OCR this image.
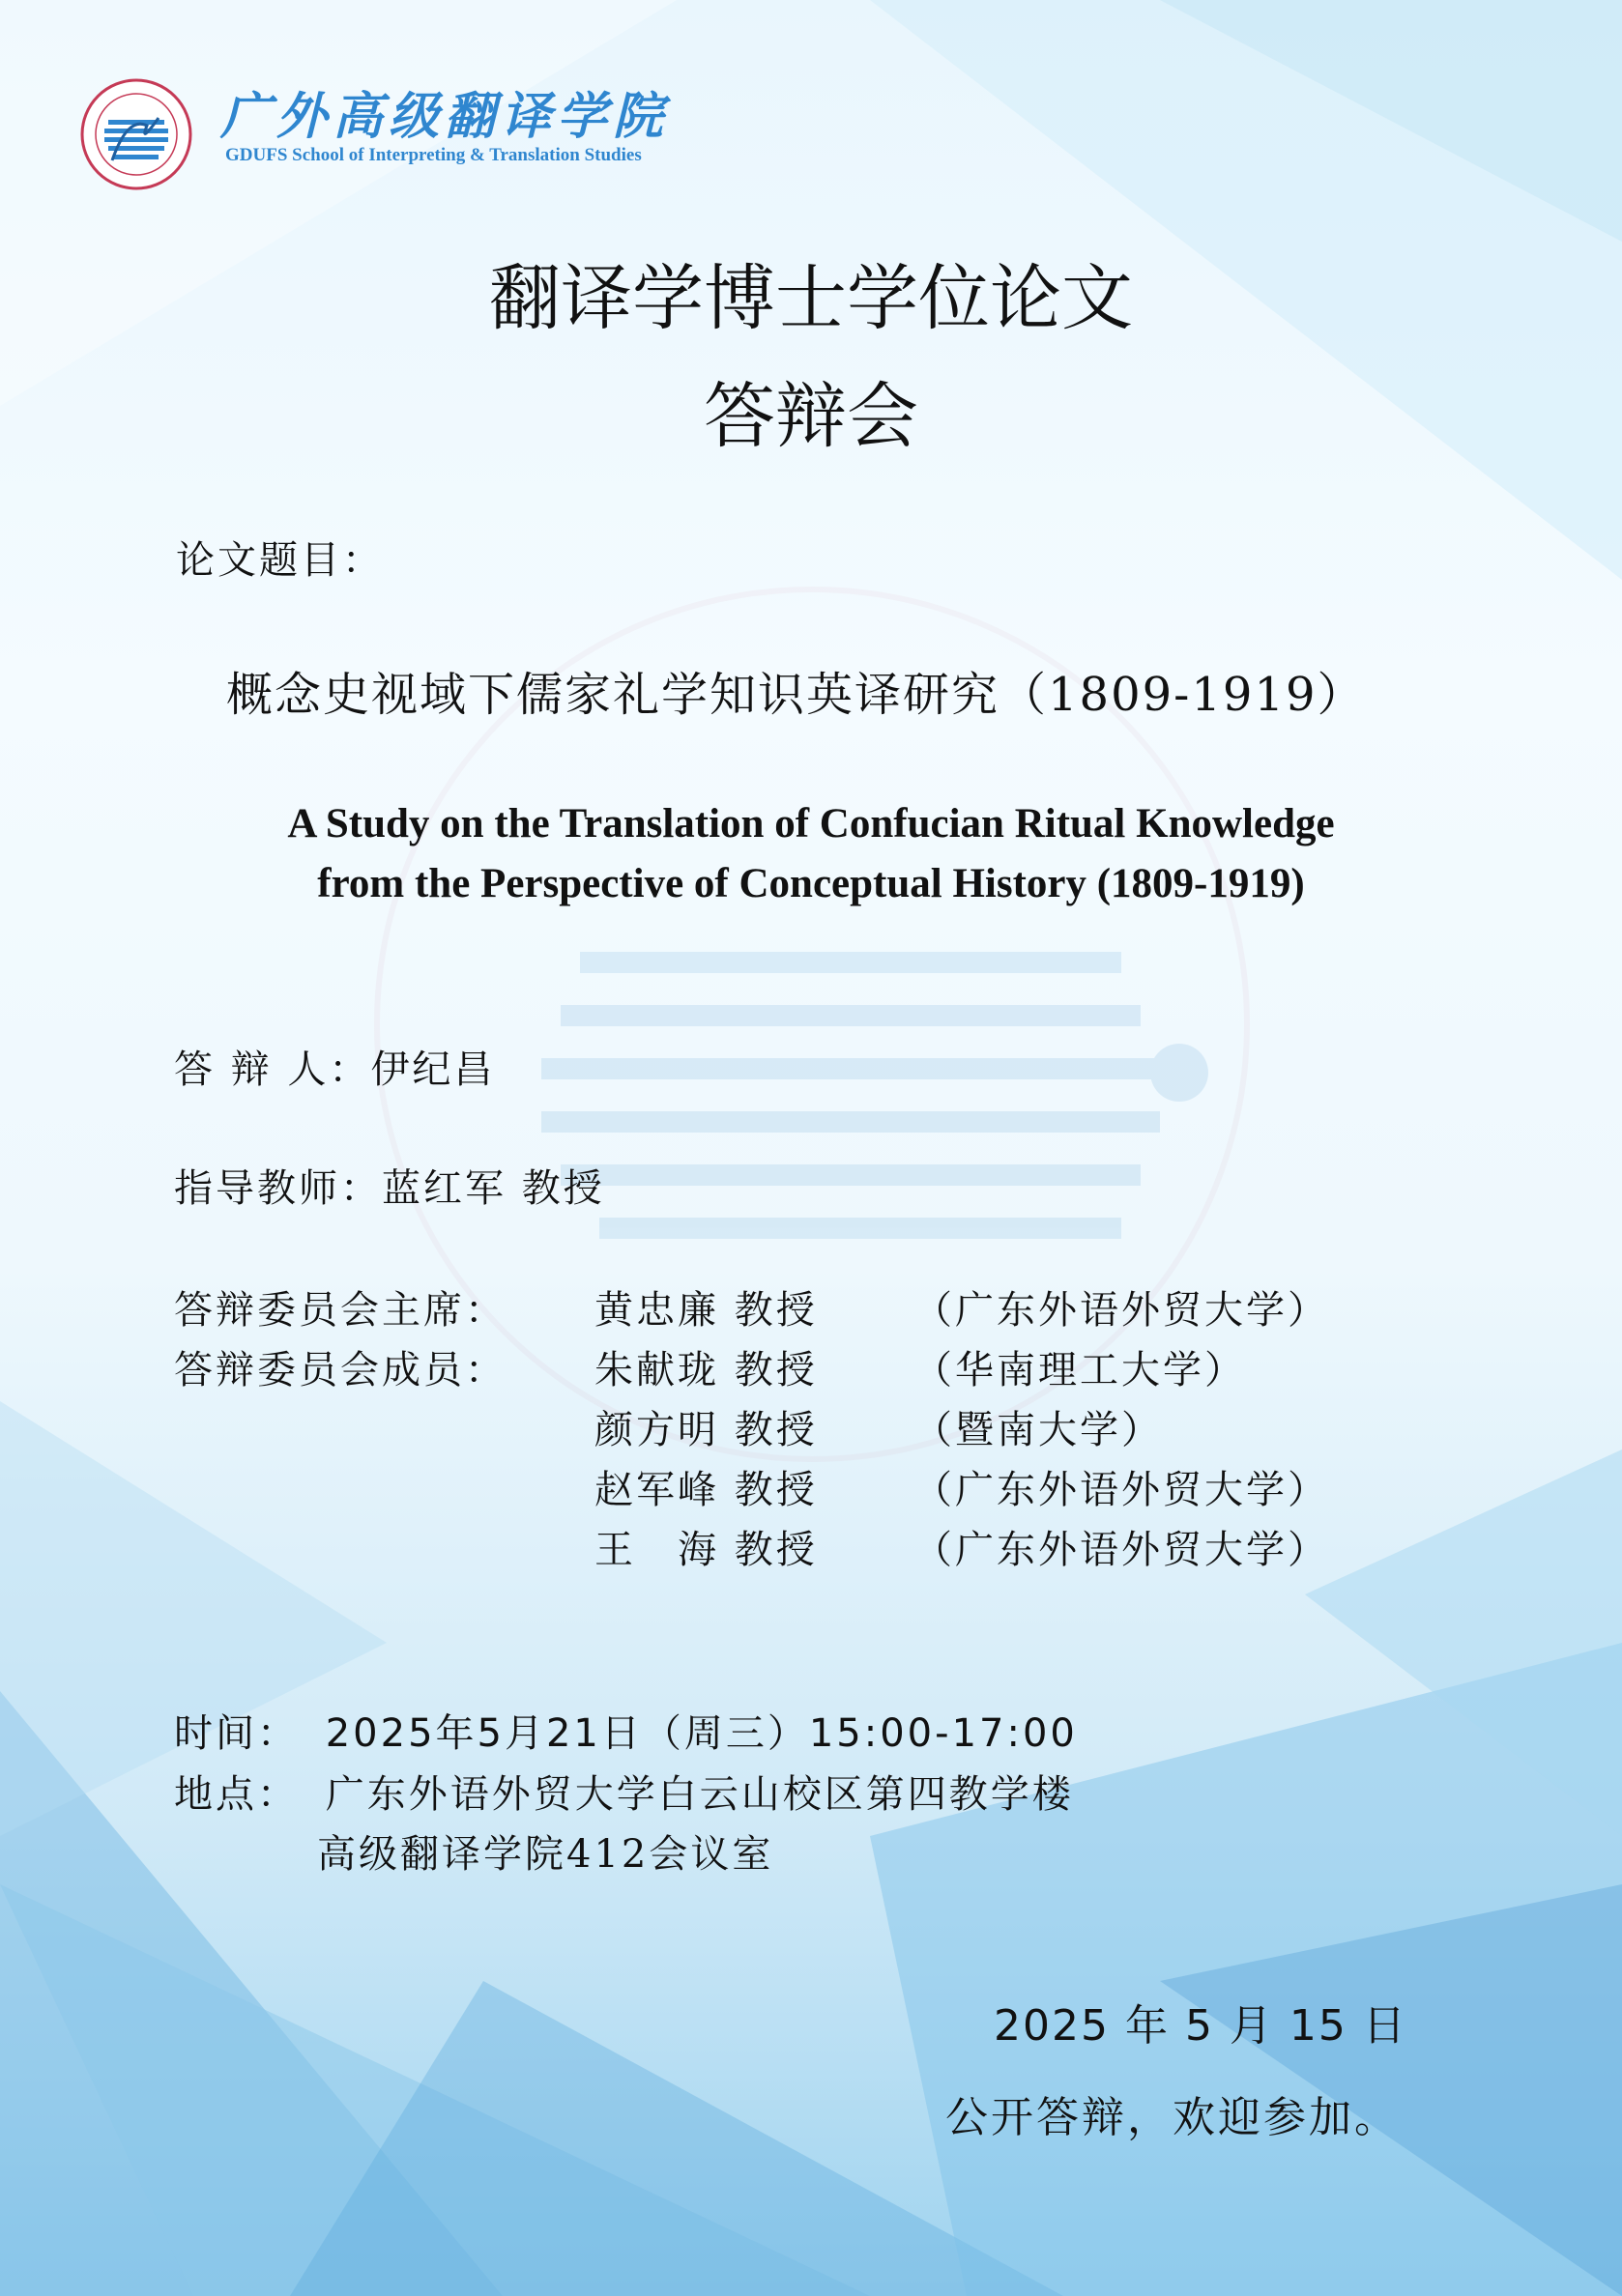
广外高级翻译学院
GDUFS School of Interpreting & Translation Studies
翻译学博士学位论文
答辩会
论文题目：
概念史视域下儒家礼学知识英译研究（1809-1919）
A Study on the Translation of Confucian Ritual Knowledge
from the Perspective of Conceptual History (1809-1919)
答 辩 人：伊纪昌
指导教师：蓝红军 教授
答辩委员会主席：
答辩委员会成员：
黄忠廉 教授 （广东外语外贸大学）
朱献珑 教授 （华南理工大学）
颜方明 教授 （暨南大学）
赵军峰 教授 （广东外语外贸大学）
王　海 教授 （广东外语外贸大学）
时间： 2025年5月21日（周三）15:00-17:00
地点： 广东外语外贸大学白云山校区第四教学楼
高级翻译学院412会议室
2025 年 5 月 15 日
公开答辩，欢迎参加。
